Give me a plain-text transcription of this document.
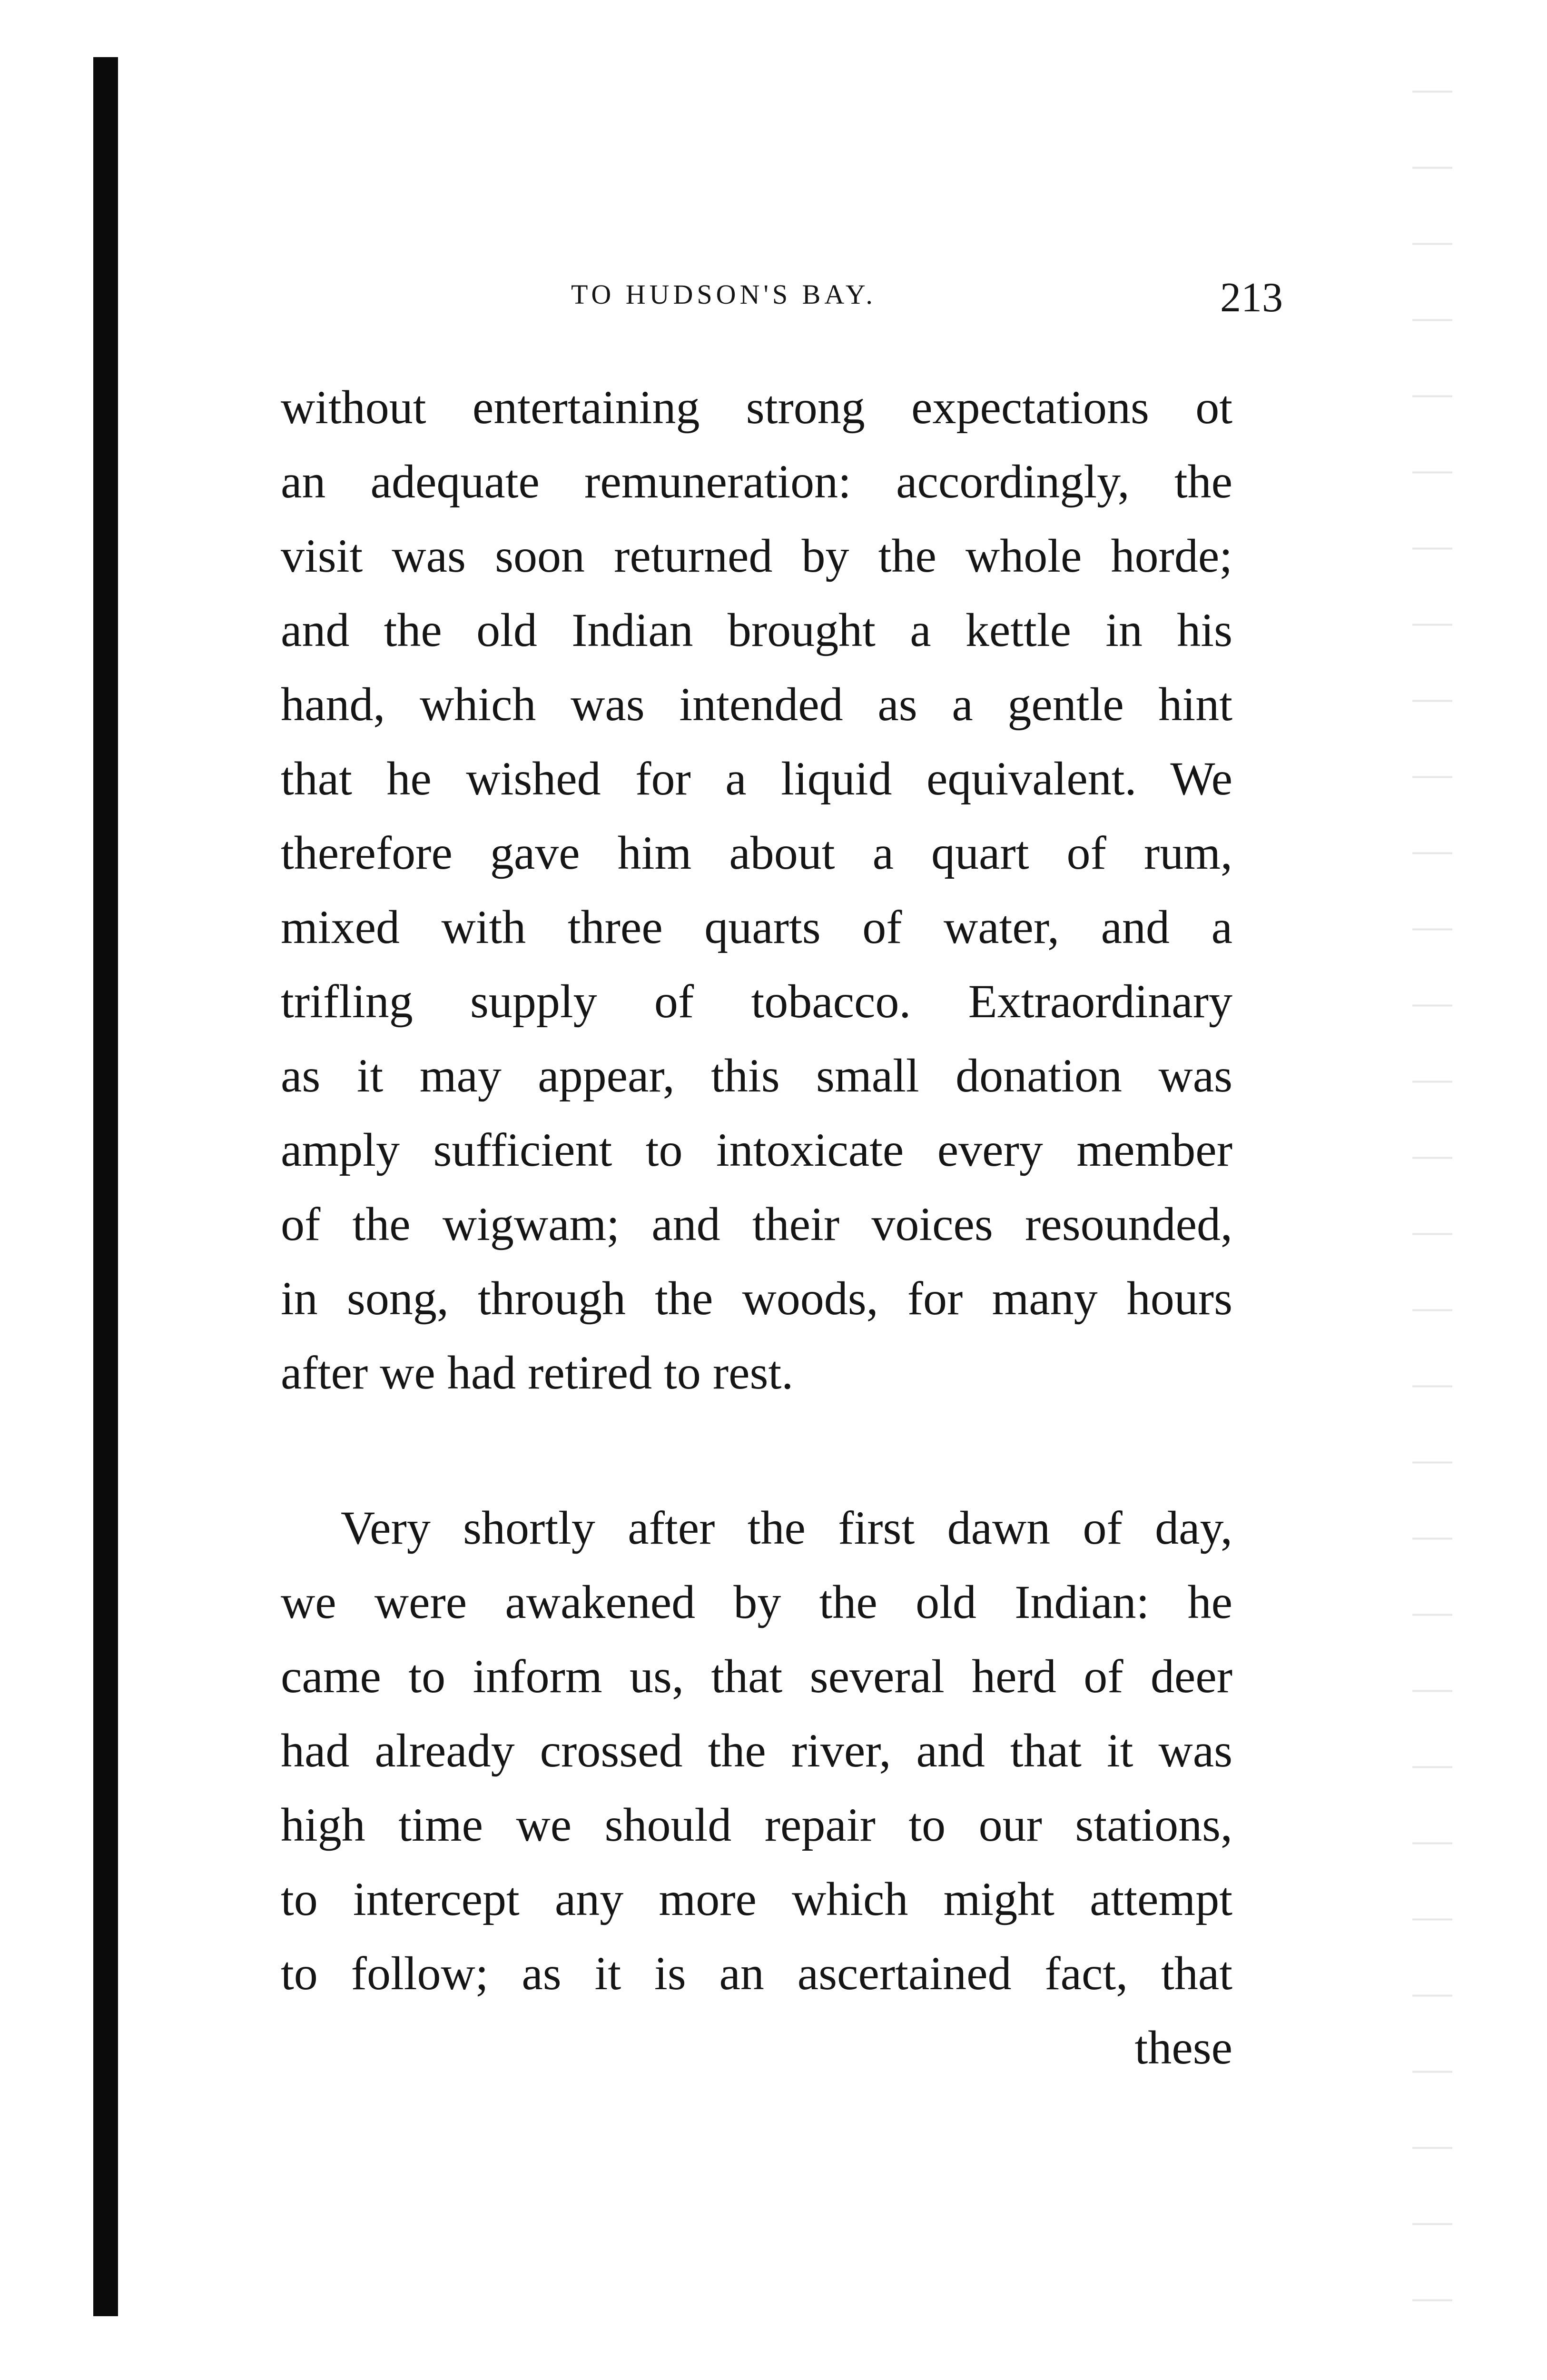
TO HUDSON'S BAY.	213
without entertaining strong expectations ot
an adequate remuneration: accordingly, the
visit was soon returned by the whole horde;
and the old Indian brought a kettle in his
hand, which was intended as a gentle hint
that he wished for a liquid equivalent. We
therefore gave him about a quart of rum,
mixed with three quarts of water, and a
trifling supply of tobacco. Extraordinary
as it may appear, this small donation was
amply sufficient to intoxicate every member
of the wigwam; and their voices resounded,
in song, through the woods, for many hours
after we had retired to rest.
Very shortly after the first dawn of day,
we were awakened by the old Indian: he
came to inform us, that several herd of deer
had already crossed the river, and that it was
high time we should repair to our stations,
to intercept any more which might attempt
to follow; as it is an ascertained fact, that
these
